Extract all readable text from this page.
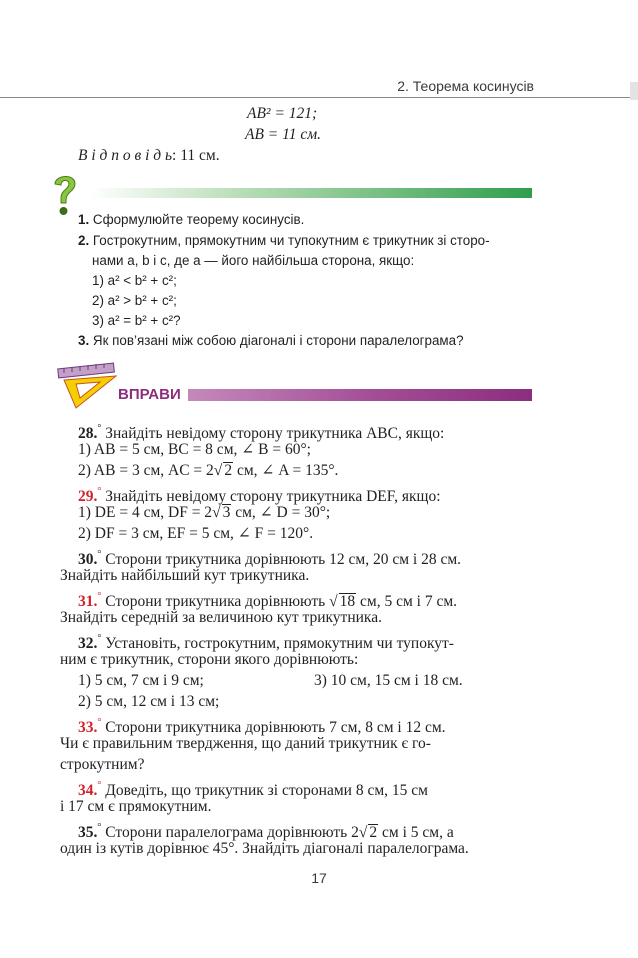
2. Теорема косинусів
AB² = 121;
AB = 11 см.
В і д п о в і д ь: 11 см.
1. Сформулюйте теорему косинусів.
2. Гострокутним, прямокутним чи тупокутним є трикутник зі сторо-
нами a, b і c, де a — його найбільша сторона, якщо:
1) a² < b² + c²;
2) a² > b² + c²;
3) a² = b² + c²?
3. Як пов’язані між собою діагоналі і сторони паралелограма?
ВПРАВИ
28.° Знайдіть невідому сторону трикутника ABC, якщо:
1) AB = 5 см, BC = 8 см, ∠ B = 60°;
2) AB = 3 см, AC = 2√ 2 см, ∠ A = 135°.
29.° Знайдіть невідому сторону трикутника DEF, якщо:
1) DE = 4 см, DF = 2√ 3 см, ∠ D = 30°;
2) DF = 3 см, EF = 5 см, ∠ F = 120°.
30.° Сторони трикутника дорівнюють 12 см, 20 см і 28 см.
Знайдіть найбільший кут трикутника.
31.° Сторони трикутника дорівнюють √ 18 см, 5 см і 7 см.
Знайдіть середній за величиною кут трикутника.
32.° Установіть, гострокутним, прямокутним чи тупокут-
ним є трикутник, сторони якого дорівнюють:
1) 5 см, 7 см і 9 см;	3) 10 см, 15 см і 18 см.
2) 5 см, 12 см і 13 см;
33.° Сторони трикутника дорівнюють 7 см, 8 см і 12 см.
Чи є правильним твердження, що даний трикутник є го-
строкутним?
34.° Доведіть, що трикутник зі сторонами 8 см, 15 см
і 17 см є прямокутним.
35.° Сторони паралелограма дорівнюють 2√ 2 см і 5 см, а
один із кутів дорівнює 45°. Знайдіть діагоналі паралелограма.
17
